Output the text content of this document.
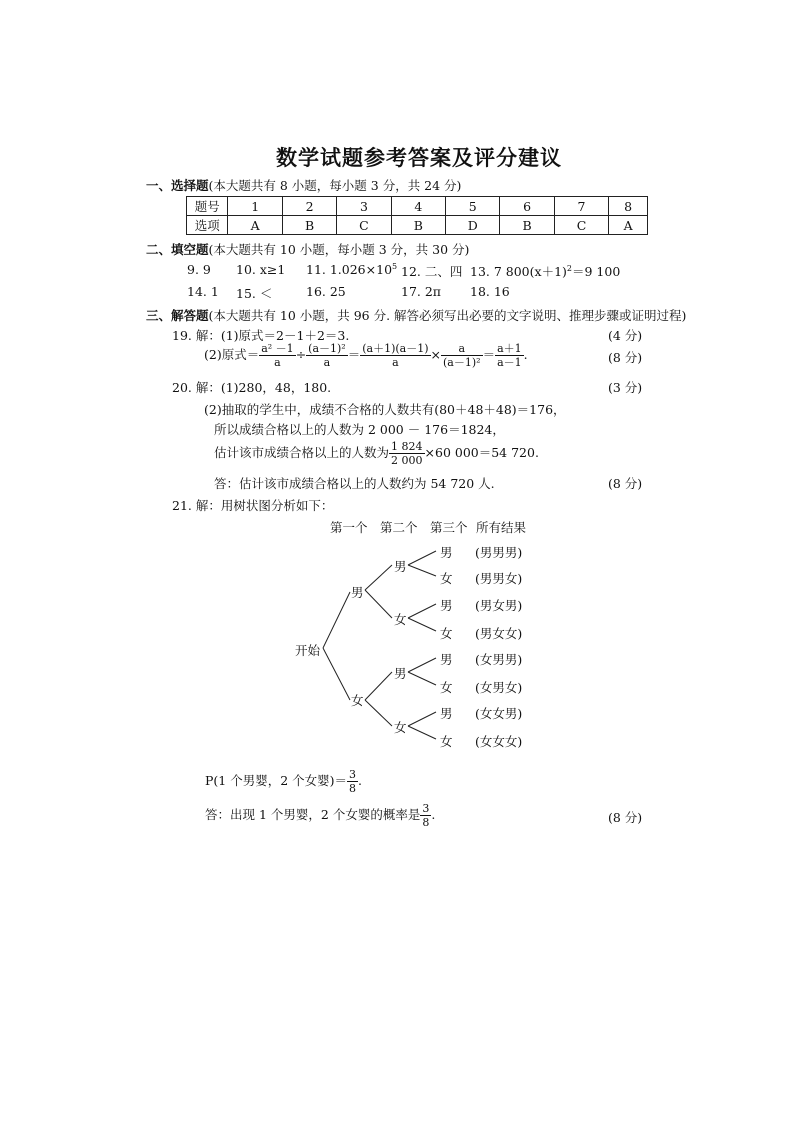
数学试题参考答案及评分建议
一、选择题(本大题共有 8 小题，每小题 3 分，共 24 分)
题号	1	2	3	4	5	6	7	8
选项	A	B	C	B	D	B	C	A
二、填空题(本大题共有 10 小题，每小题 3 分，共 30 分)
9. 9 10. x≥1 11. $1.026\times 10^5$ 12. 二、四 13. 7 $800(x+1)^2=9$ 100
14. 1 15. ＜	16. 25	17. 2π 18. 16
三、解答题(本大题共有 10 小题，共 96 分. 解答必须写出必要的文字说明、推理步骤或证明过程)
19. 解：(1)原式＝2－1＋2＝3.	(4 分)
(2)原式＝ $\frac{\text{a² －1}}{a} \div \frac{\text{(a－1)²}}{a} = \frac{(a+1)(a-1)}{a} \times \frac{a}{\text{(a－1)²}} = \frac{a+1}{a-1}$ .	(8 分)
20. 解：(1)280，48，180.	(3 分)
(2)抽取的学生中，成绩不合格的人数共有(80＋48＋48)＝176，
所以成绩合格以上的人数为 2 000 － 176＝1824，
估计该市成绩合格以上的人数为 $\frac{1 824}{2 000} \times 60$ 000＝54 720.
答：估计该市成绩合格以上的人数约为 54 720 人.	(8 分)
21. 解：用树状图分析如下：
第一个 第二个 第三个 所有结果
开始
男
女
男
女
男
女
男
女
男
女
男
女
男
女
(男男男)
(男男女)
(男女男)
(男女女)
(女男男)
(女男女)
(女女男)
(女女女)
P(1 个男婴，2 个女婴)＝ $\frac{3}{8}$ .
答：出现 1 个男婴，2 个女婴的概率是 $\frac{3}{8}$ .	(8 分)
